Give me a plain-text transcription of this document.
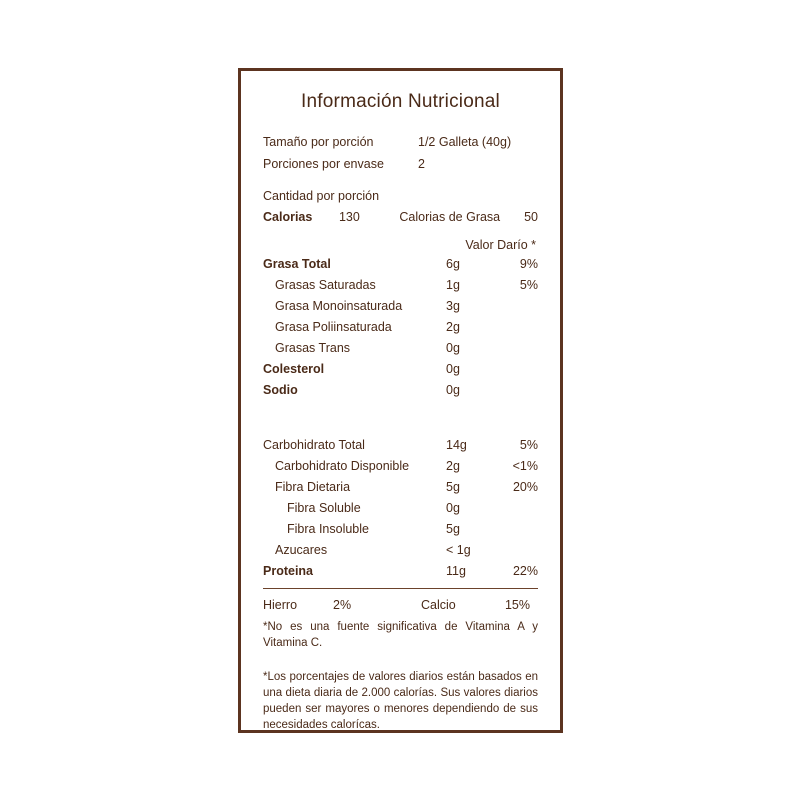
Información Nutricional
Tamaño por porción	1/2 Galleta (40g)
Porciones por envase	2
Cantidad por porción
Calorias	130	Calorias de Grasa	50
Valor Darío *
Grasa Total	6g	9%
Grasas Saturadas	1g	5%
Grasa Monoinsaturada	3g
Grasa Poliinsaturada	2g
Grasas Trans	0g
Colesterol	0g
Sodio	0g
Carbohidrato Total	14g	5%
Carbohidrato Disponible	2g	<1%
Fibra Dietaria	5g	20%
Fibra Soluble	0g
Fibra Insoluble	5g
Azucares	< 1g
Proteina	11g	22%
Hierro	2%	Calcio	15%
*No es una fuente significativa de Vitamina A y Vitamina C.
*Los porcentajes de valores diarios están basados en una dieta diaria de 2.000 calorías. Sus valores diarios pueden ser mayores o menores dependiendo de sus necesidades calorícas.
